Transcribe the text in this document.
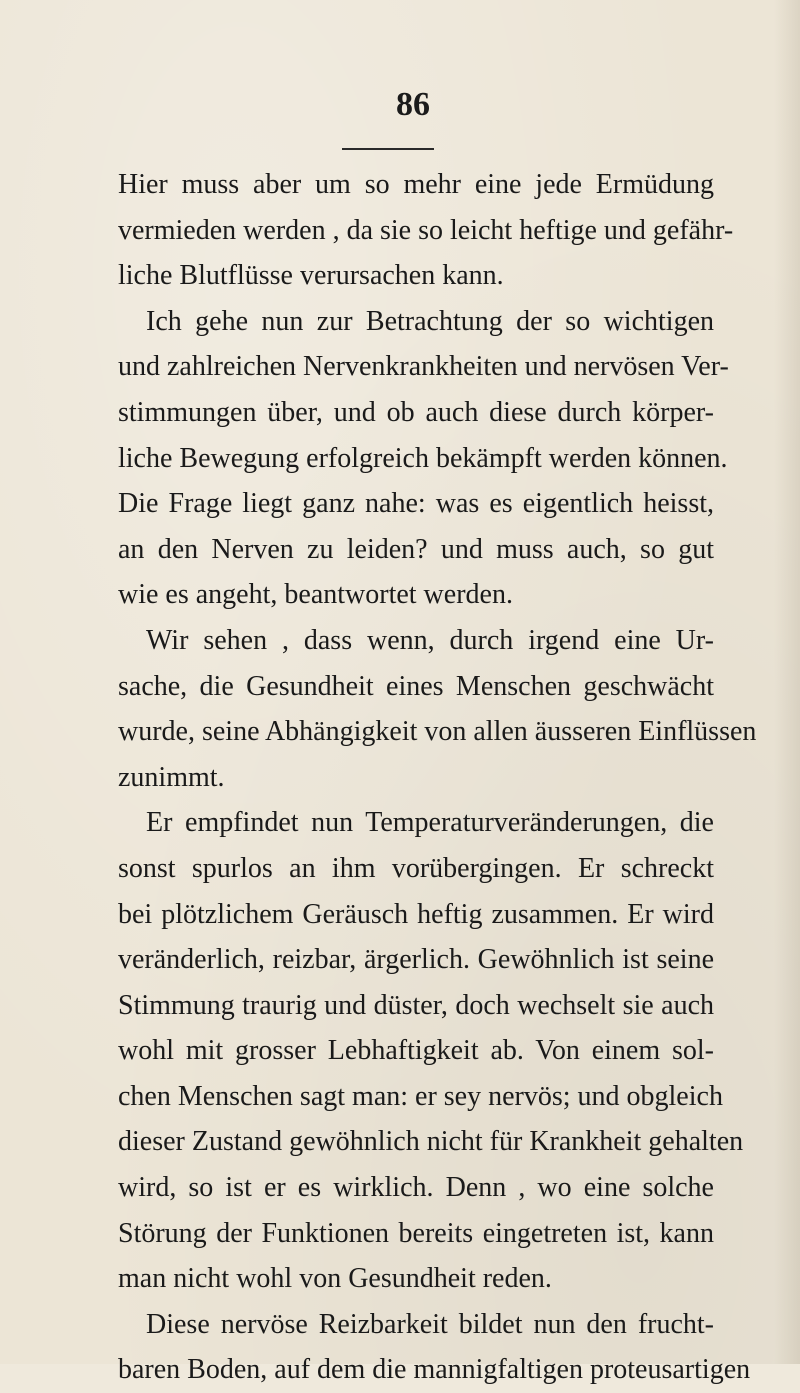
86
Hier muss aber um so mehr eine jede Ermüdung
vermieden werden , da sie so leicht heftige und gefähr-
liche Blutflüsse verursachen kann.
Ich gehe nun zur Betrachtung der so wichtigen
und zahlreichen Nervenkrankheiten und nervösen Ver-
stimmungen über, und ob auch diese durch körper-
liche Bewegung erfolgreich bekämpft werden können.
Die Frage liegt ganz nahe: was es eigentlich heisst,
an den Nerven zu leiden? und muss auch, so gut
wie es angeht, beantwortet werden.
Wir sehen , dass wenn, durch irgend eine Ur-
sache, die Gesundheit eines Menschen geschwächt
wurde, seine Abhängigkeit von allen äusseren Einflüssen
zunimmt.
Er empfindet nun Temperaturveränderungen, die
sonst spurlos an ihm vorübergingen. Er schreckt
bei plötzlichem Geräusch heftig zusammen. Er wird
veränderlich, reizbar, ärgerlich. Gewöhnlich ist seine
Stimmung traurig und düster, doch wechselt sie auch
wohl mit grosser Lebhaftigkeit ab. Von einem sol-
chen Menschen sagt man: er sey nervös; und obgleich
dieser Zustand gewöhnlich nicht für Krankheit gehalten
wird, so ist er es wirklich. Denn , wo eine solche
Störung der Funktionen bereits eingetreten ist, kann
man nicht wohl von Gesundheit reden.
Diese nervöse Reizbarkeit bildet nun den frucht-
baren Boden, auf dem die mannigfaltigen proteusartigen
